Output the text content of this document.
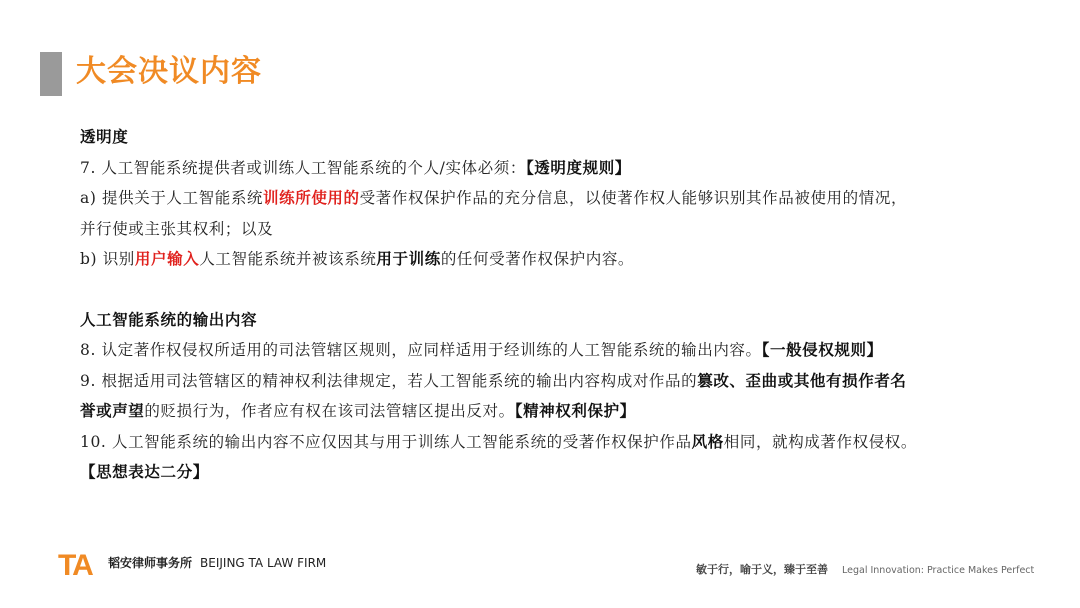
大会决议内容

透明度

7. 人工智能系统提供者或训练人工智能系统的个人/实体必须：【透明度规则】

a) 提供关于人工智能系统训练所使用的受著作权保护作品的充分信息，以使著作权人能够识别其作品被使用的情况，
并行使或主张其权利；以及

b) 识别用户输入人工智能系统并被该系统用于训练的任何受著作权保护内容。

人工智能系统的输出内容

8. 认定著作权侵权所适用的司法管辖区规则，应同样适用于经训练的人工智能系统的输出内容。【一般侵权规则】

9. 根据适用司法管辖区的精神权利法律规定，若人工智能系统的输出内容构成对作品的篡改、歪曲或其他有损作者名
誉或声望的贬损行为，作者应有权在该司法管辖区提出反对。【精神权利保护】

10. 人工智能系统的输出内容不应仅因其与用于训练人工智能系统的受著作权保护作品风格相同，就构成著作权侵权。
【思想表达二分】

TA 韬安律师事务所 BEIJING TA LAW FIRM	敏于行，喻于义，臻于至善 Legal Innovation: Practice Makes Perfect
